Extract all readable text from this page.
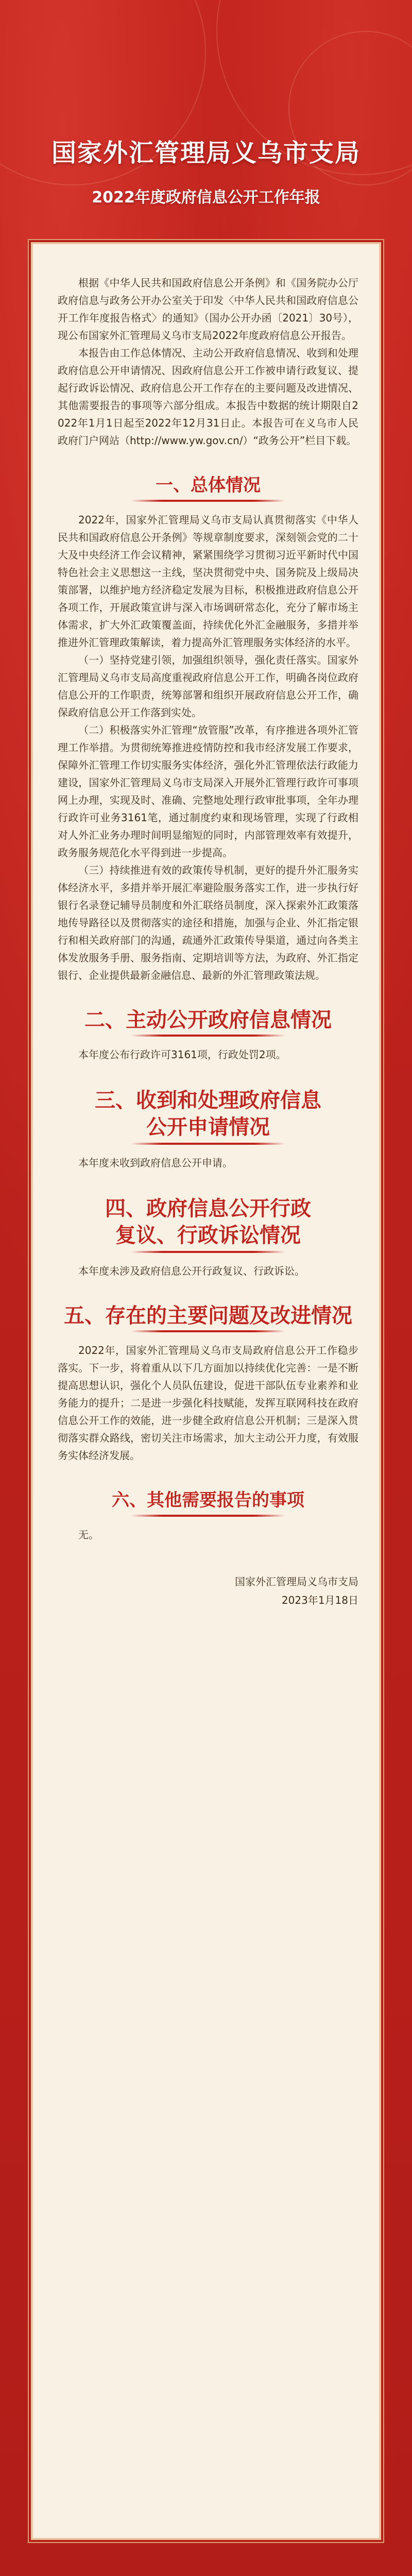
国家外汇管理局义乌市支局
2022年度政府信息公开工作年报

根据《中华人民共和国政府信息公开条例》和《国务院办公厅政府信息与政务公开办公室关于印发〈中华人民共和国政府信息公开工作年度报告格式〉的通知》（国办公开办函〔2021〕30号），现公布国家外汇管理局义乌市支局2022年度政府信息公开报告。

本报告由工作总体情况、主动公开政府信息情况、收到和处理政府信息公开申请情况、因政府信息公开工作被申请行政复议、提起行政诉讼情况、政府信息公开工作存在的主要问题及改进情况、其他需要报告的事项等六部分组成。本报告中数据的统计期限自2022年1月1日起至2022年12月31日止。本报告可在义乌市人民政府门户网站（http://www.yw.gov.cn/）“政务公开”栏目下载。

一、总体情况

2022年，国家外汇管理局义乌市支局认真贯彻落实《中华人民共和国政府信息公开条例》等规章制度要求，深刻领会党的二十大及中央经济工作会议精神，紧紧围绕学习贯彻习近平新时代中国特色社会主义思想这一主线，坚决贯彻党中央、国务院及上级局决策部署，以维护地方经济稳定发展为目标，积极推进政府信息公开各项工作，开展政策宣讲与深入市场调研常态化，充分了解市场主体需求，扩大外汇政策覆盖面，持续优化外汇金融服务，多措并举推进外汇管理政策解读，着力提高外汇管理服务实体经济的水平。

（一）坚持党建引领，加强组织领导，强化责任落实。国家外汇管理局义乌市支局高度重视政府信息公开工作，明确各岗位政府信息公开的工作职责，统筹部署和组织开展政府信息公开工作，确保政府信息公开工作落到实处。

（二）积极落实外汇管理“放管服”改革，有序推进各项外汇管理工作举措。为贯彻统筹推进疫情防控和我市经济发展工作要求，保障外汇管理工作切实服务实体经济，强化外汇管理依法行政能力建设，国家外汇管理局义乌市支局深入开展外汇管理行政许可事项网上办理，实现及时、准确、完整地处理行政审批事项，全年办理行政许可业务3161笔，通过制度约束和现场管理，实现了行政相对人外汇业务办理时间明显缩短的同时，内部管理效率有效提升，政务服务规范化水平得到进一步提高。

（三）持续推进有效的政策传导机制，更好的提升外汇服务实体经济水平，多措并举开展汇率避险服务落实工作，进一步执行好银行名录登记辅导员制度和外汇联络员制度，深入探索外汇政策落地传导路径以及贯彻落实的途径和措施，加强与企业、外汇指定银行和相关政府部门的沟通，疏通外汇政策传导渠道，通过向各类主体发放服务手册、服务指南、定期培训等方法，为政府、外汇指定银行、企业提供最新金融信息、最新的外汇管理政策法规。

二、主动公开政府信息情况

本年度公布行政许可3161项，行政处罚2项。

三、收到和处理政府信息
公开申请情况

本年度未收到政府信息公开申请。

四、政府信息公开行政
复议、行政诉讼情况

本年度未涉及政府信息公开行政复议、行政诉讼。

五、存在的主要问题及改进情况

2022年，国家外汇管理局义乌市支局政府信息公开工作稳步落实。下一步，将着重从以下几方面加以持续优化完善：一是不断提高思想认识，强化个人员队伍建设，促进干部队伍专业素养和业务能力的提升；二是进一步强化科技赋能，发挥互联网科技在政府信息公开工作的效能，进一步健全政府信息公开机制；三是深入贯彻落实群众路线，密切关注市场需求，加大主动公开力度，有效服务实体经济发展。

六、其他需要报告的事项

无。

国家外汇管理局义乌市支局
2023年1月18日
